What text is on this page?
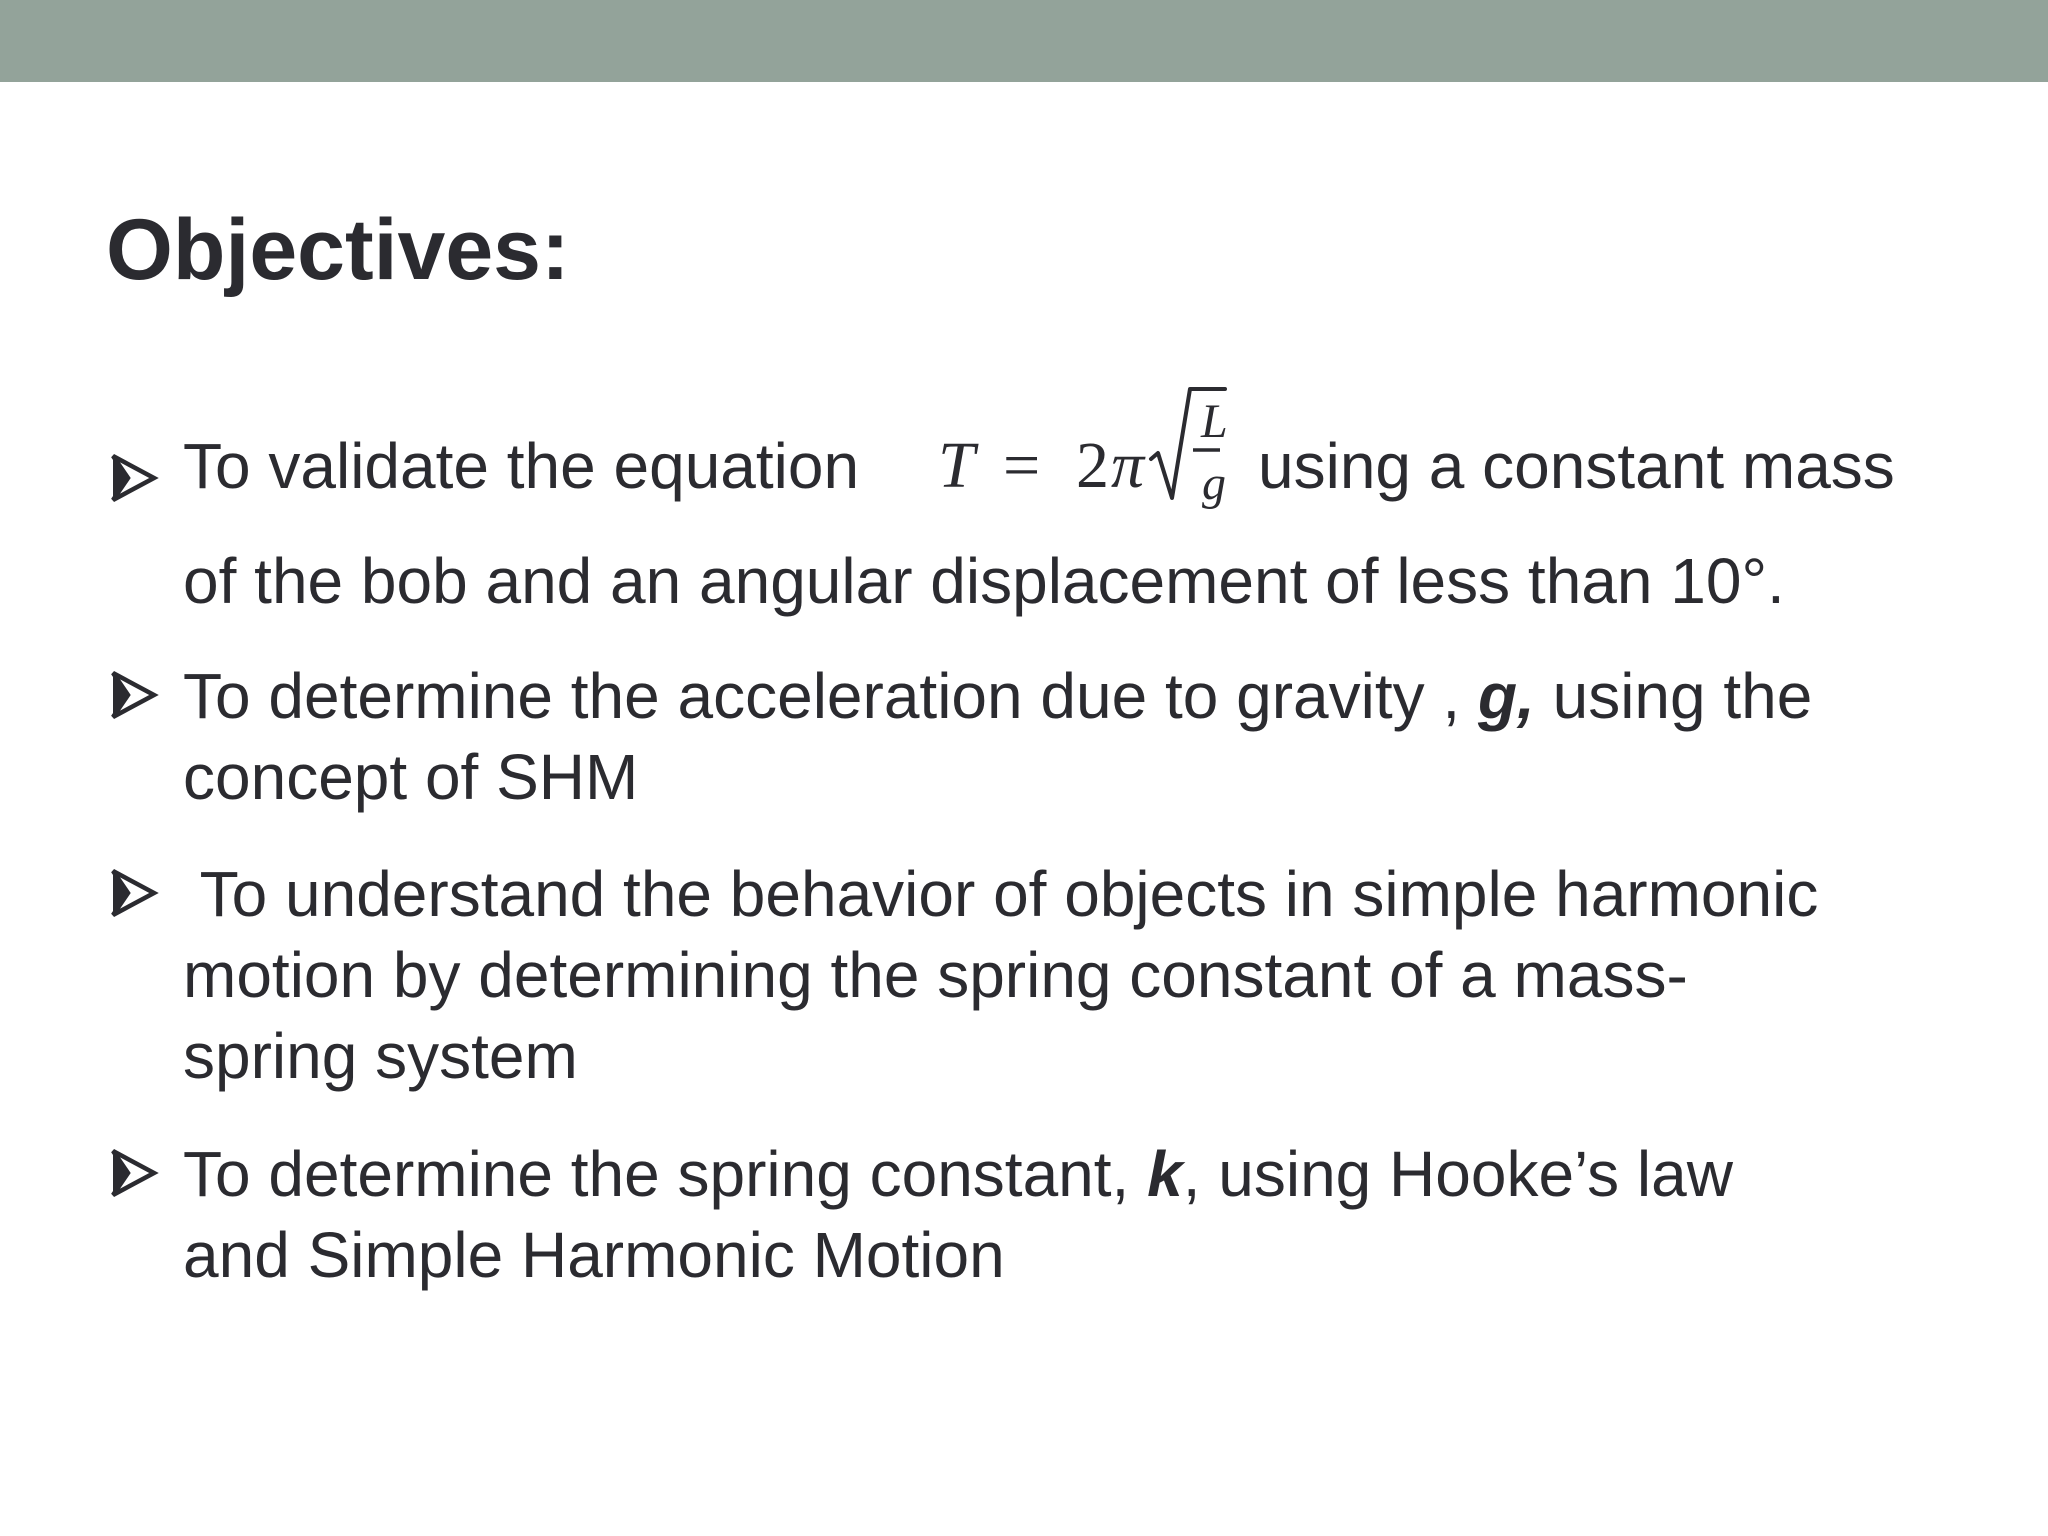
Objectives:
To validate the equation T = 2 π
L
g using a constant mass
of the bob and an angular displacement of less than 10°.
To determine the acceleration due to gravity , g, using the
concept of SHM
To understand the behavior of objects in simple harmonic
motion by determining the spring constant of a mass-
spring system
To determine the spring constant, k, using Hooke’s law
and Simple Harmonic Motion
